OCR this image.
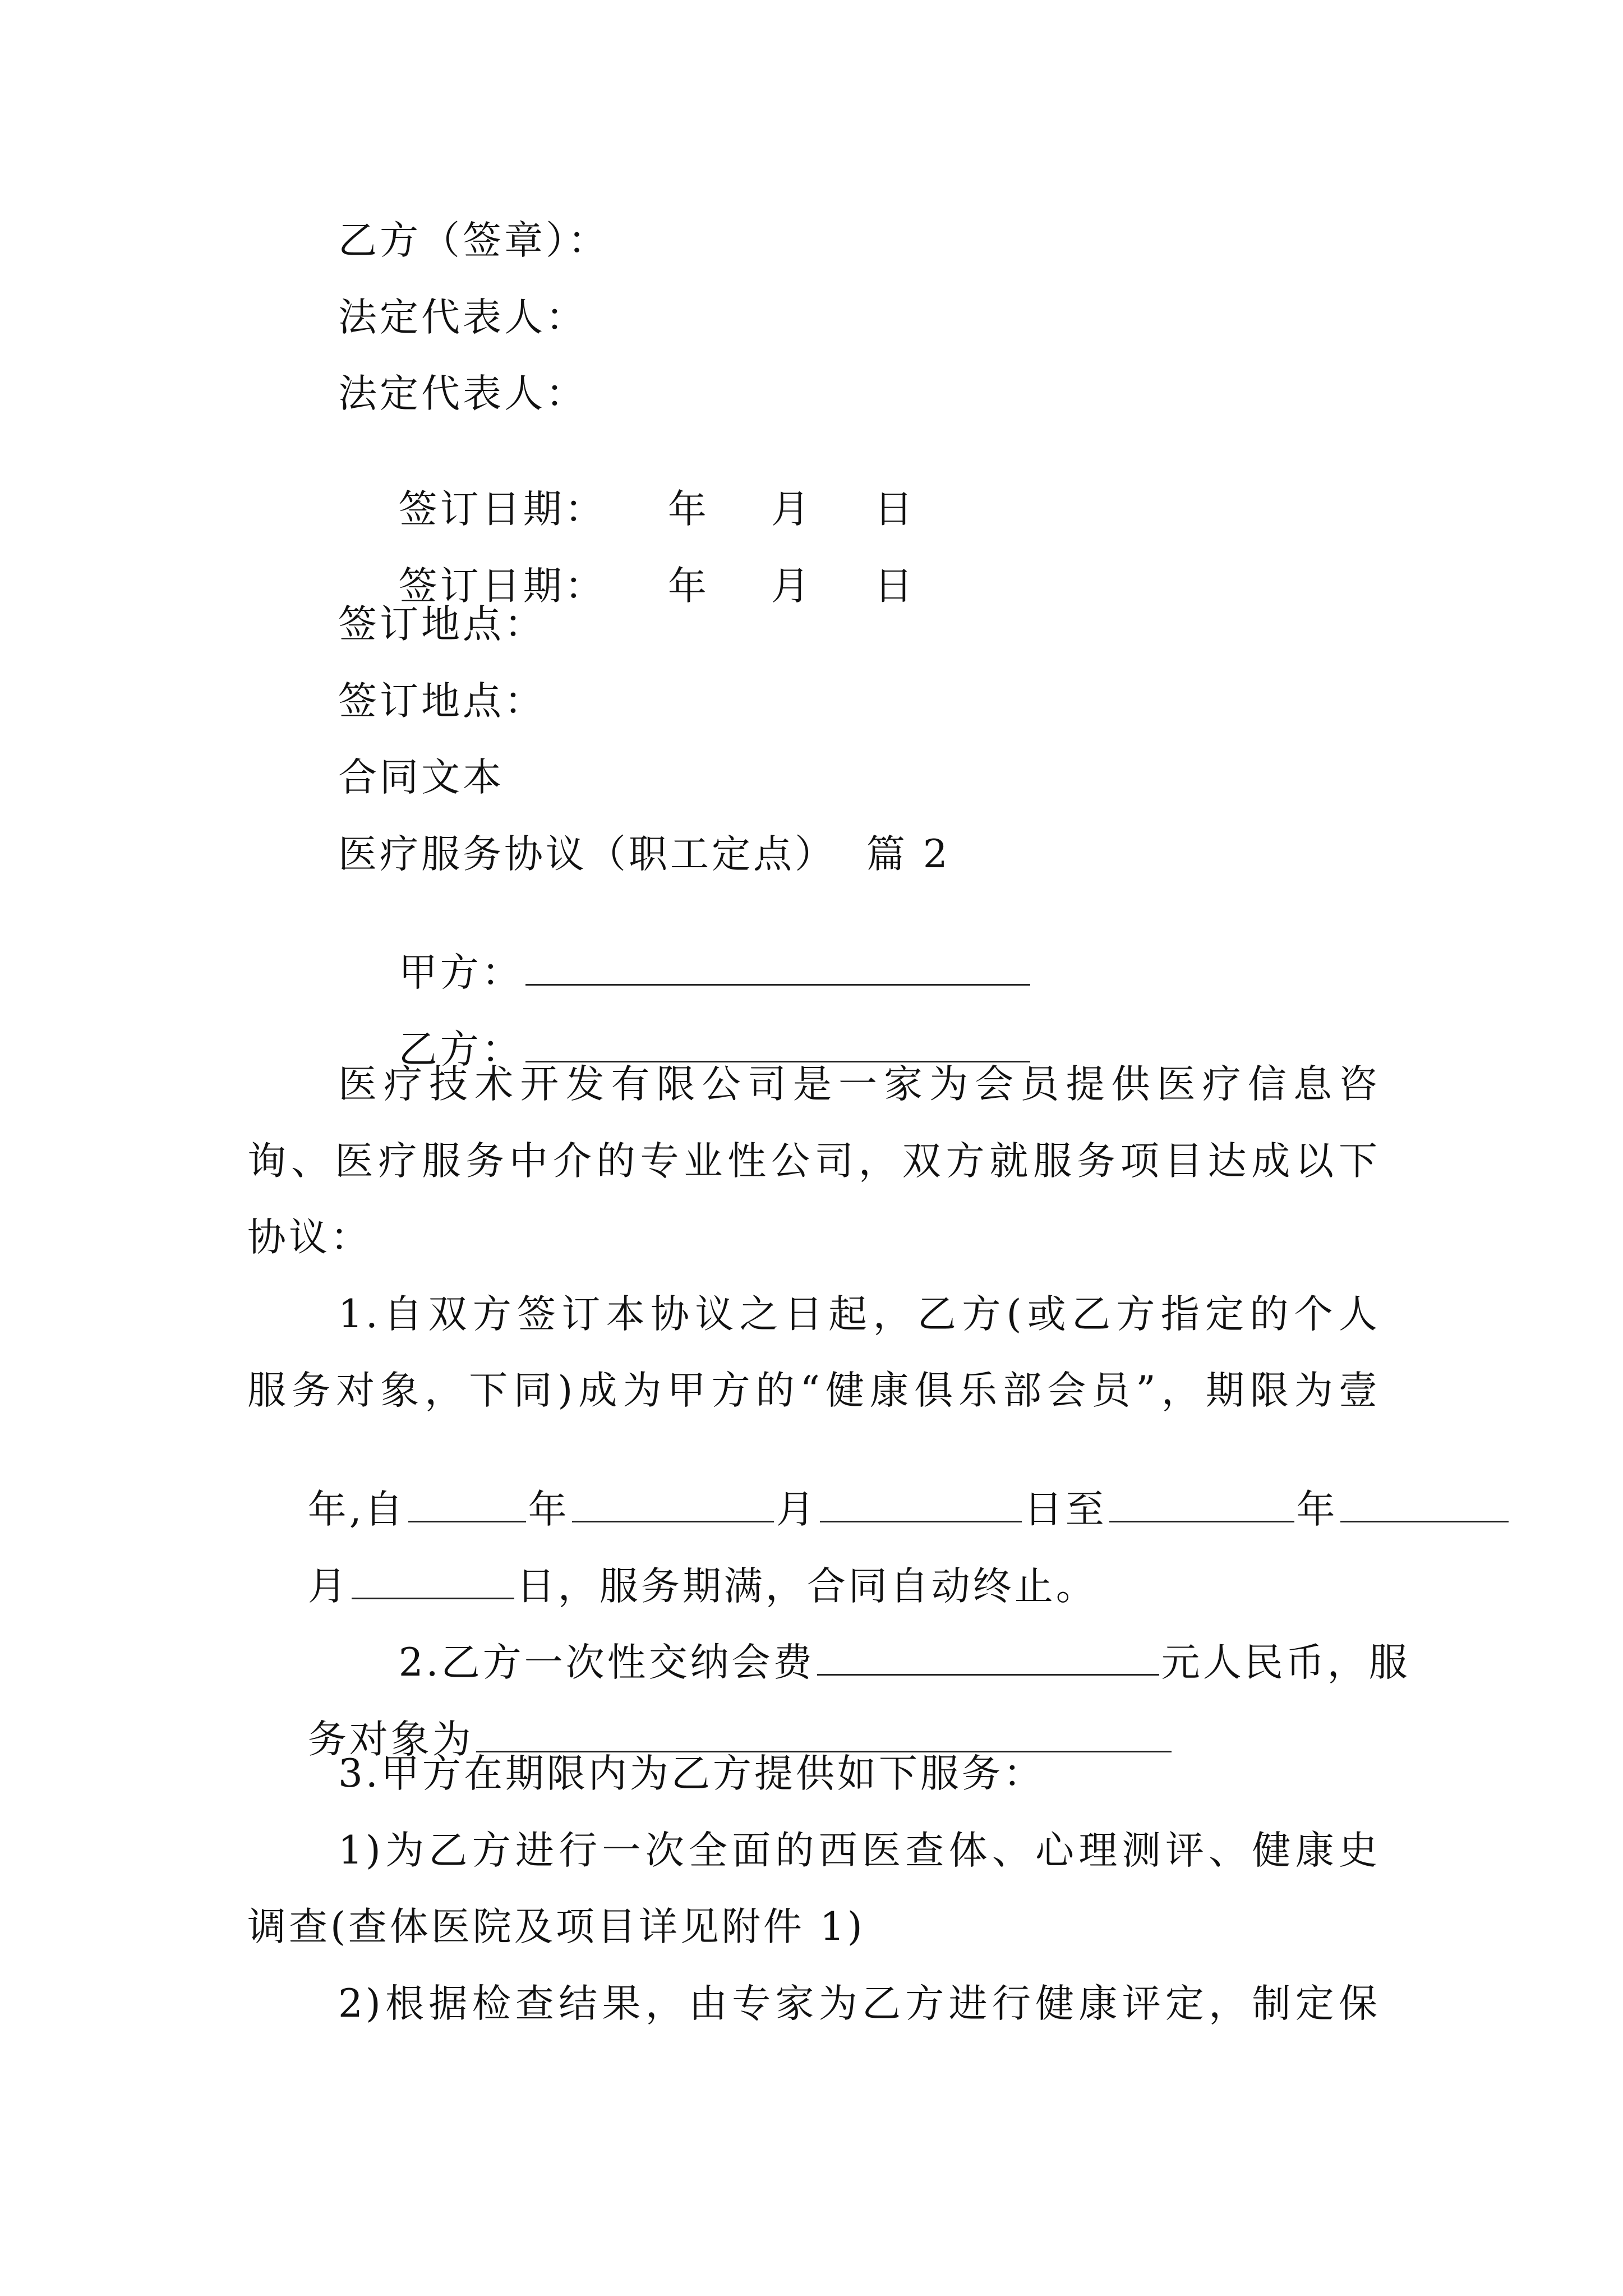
乙方（签章）：
法定代表人：
法定代表人：

签订日期： 年 月 日

签订日期： 年 月 日

签订地点：
签订地点：
合同文本
医疗服务协议（职工定点）  篇 2

甲方：

乙方：

医疗技术开发有限公司是一家为会员提供医疗信息咨
询、医疗服务中介的专业性公司，双方就服务项目达成以下
协议：
1.自双方签订本协议之日起，乙方(或乙方指定的个人
服务对象，下同)成为甲方的“健康俱乐部会员”，期限为壹

年,自	年	月	日至	年

月	日，服务期满，合同自动终止。

2.乙方一次性交纳会费	元人民币，服

务对象为

3.甲方在期限内为乙方提供如下服务：
1)为乙方进行一次全面的西医查体、心理测评、健康史
调查(查体医院及项目详见附件 1)
2)根据检查结果，由专家为乙方进行健康评定，制定保
